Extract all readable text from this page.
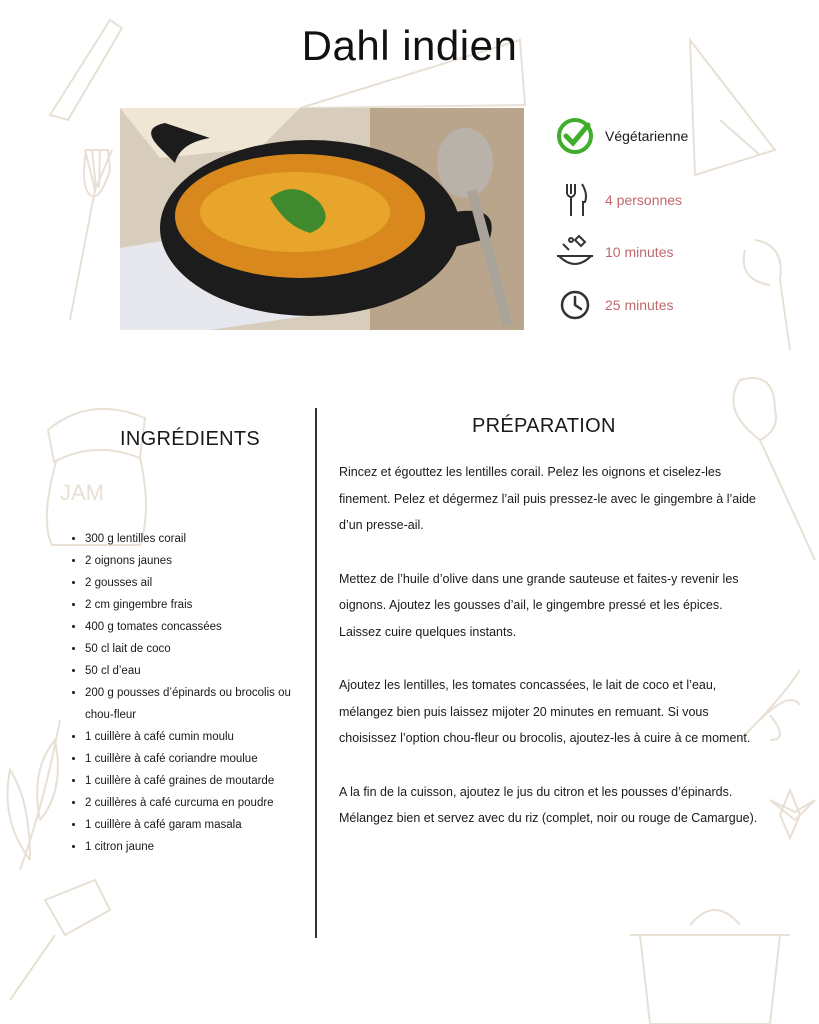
JAM
Dahl indien
Végétarienne
4 personnes
10 minutes
25 minutes
INGRÉDIENTS
• 300 g lentilles corail
• 2 oignons jaunes
• 2 gousses ail
• 2 cm gingembre frais
• 400 g tomates concassées
• 50 cl lait de coco
• 50 cl d’eau
• 200 g pousses d’épinards ou brocolis ou chou-fleur
• 1 cuillère à café cumin moulu
• 1 cuillère à café coriandre moulue
• 1 cuillère à café graines de moutarde
• 2 cuillères à café curcuma en poudre
• 1 cuillère à café garam masala
• 1 citron jaune
PRÉPARATION

Rincez et égouttez les lentilles corail. Pelez les oignons et ciselez-les finement. Pelez et dégermez l’ail puis pressez-le avec le gingembre à l’aide d’un presse-ail.

Mettez de l’huile d’olive dans une grande sauteuse et faites-y revenir les oignons. Ajoutez les gousses d’ail, le gingembre pressé et les épices. Laissez cuire quelques instants.

Ajoutez les lentilles, les tomates concassées, le lait de coco et l’eau, mélangez bien puis laissez mijoter 20 minutes en remuant. Si vous choisissez l’option chou-fleur ou brocolis, ajoutez-les à cuire à ce moment.

A la fin de la cuisson, ajoutez le jus du citron et les pousses d’épinards. Mélangez bien et servez avec du riz (complet, noir ou rouge de Camargue).
